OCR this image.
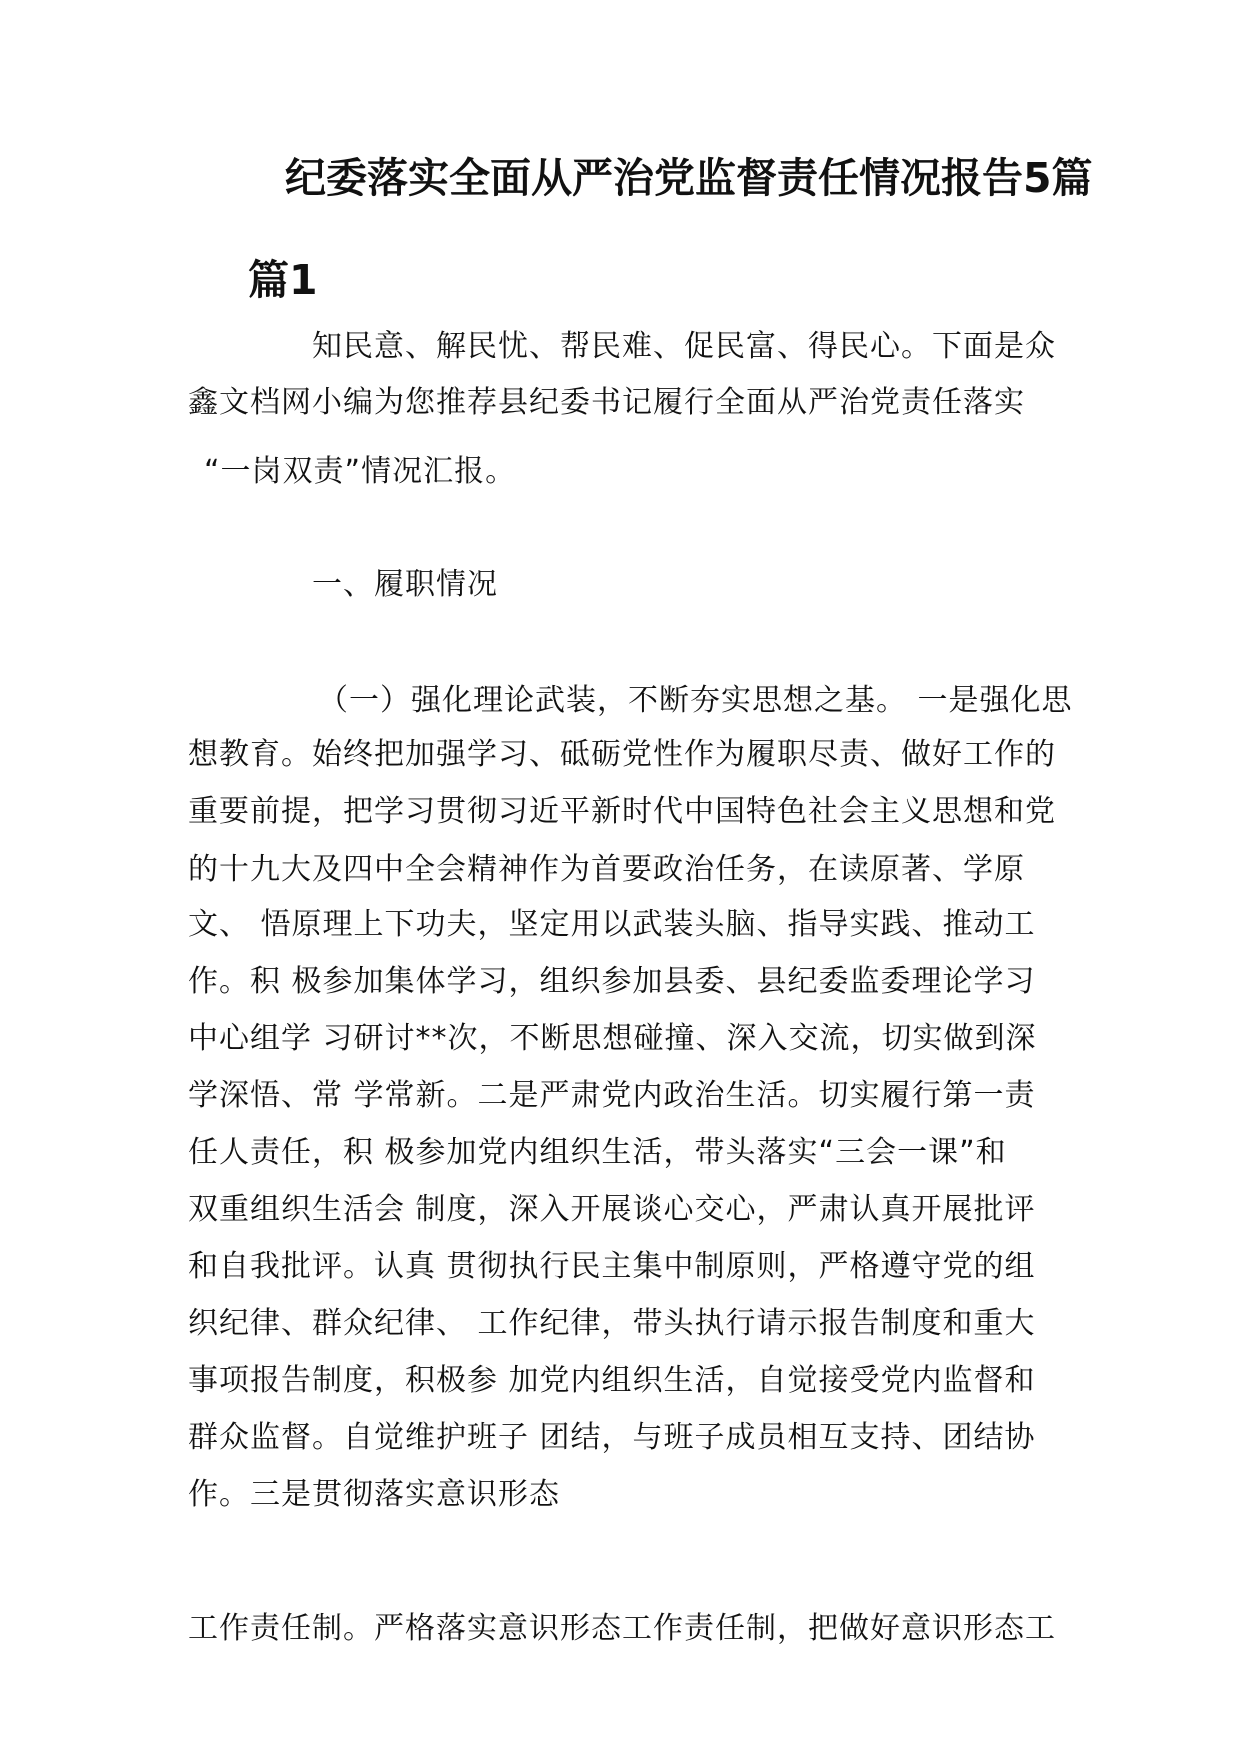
纪委落实全面从严治党监督责任情况报告5篇
篇1
知民意、解民忧、帮民难、促民富、得民心。下面是众
鑫文档网小编为您推荐县纪委书记履行全面从严治党责任落实
“一岗双责”情况汇报。
一、履职情况
（一）强化理论武装，不断夯实思想之基。 一是强化思
想教育。始终把加强学习、砥砺党性作为履职尽责、做好工作的
重要前提，把学习贯彻习近平新时代中国特色社会主义思想和党
的十九大及四中全会精神作为首要政治任务，在读原著、学原
文、 悟原理上下功夫，坚定用以武装头脑、指导实践、推动工
作。积 极参加集体学习，组织参加县委、县纪委监委理论学习
中心组学 习研讨**次，不断思想碰撞、深入交流，切实做到深
学深悟、常 学常新。二是严肃党内政治生活。切实履行第一责
任人责任，积 极参加党内组织生活，带头落实“三会一课”和
双重组织生活会 制度，深入开展谈心交心，严肃认真开展批评
和自我批评。认真 贯彻执行民主集中制原则，严格遵守党的组
织纪律、群众纪律、 工作纪律，带头执行请示报告制度和重大
事项报告制度，积极参 加党内组织生活，自觉接受党内监督和
群众监督。自觉维护班子 团结，与班子成员相互支持、团结协
作。三是贯彻落实意识形态
工作责任制。严格落实意识形态工作责任制，把做好意识形态工
